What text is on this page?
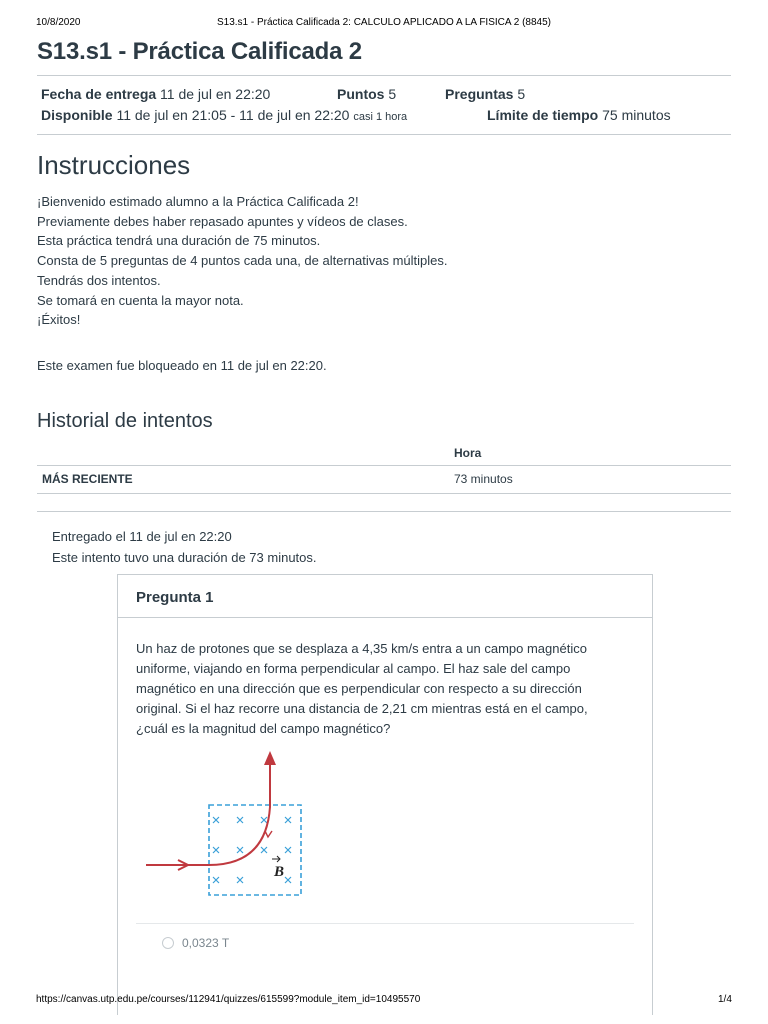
10/8/2020	S13.s1 - Práctica Calificada 2: CALCULO APLICADO A LA FISICA 2 (8845)
S13.s1 - Práctica Calificada 2
Fecha de entrega 11 de jul en 22:20	Puntos 5	Preguntas 5
Disponible 11 de jul en 21:05 - 11 de jul en 22:20 casi 1 hora	Límite de tiempo 75 minutos
Instrucciones
¡Bienvenido estimado alumno a la Práctica Calificada 2!
Previamente debes haber repasado apuntes y vídeos de clases.
Esta práctica tendrá una duración de 75 minutos.
Consta de 5 preguntas de 4 puntos cada una, de alternativas múltiples.
Tendrás dos intentos.
Se tomará en cuenta la mayor nota.
¡Éxitos!
Este examen fue bloqueado en 11 de jul en 22:20.
Historial de intentos
Hora
MÁS RECIENTE	73 minutos
Entregado el 11 de jul en 22:20
Este intento tuvo una duración de 73 minutos.
Pregunta 1
Un haz de protones que se desplaza a 4,35 km/s entra a un campo magnético
uniforme, viajando en forma perpendicular al campo. El haz sale del campo
magnético en una dirección que es perpendicular con respecto a su dirección
original. Si el haz recorre una distancia de 2,21 cm mientras está en el campo,
¿cuál es la magnitud del campo magnético?
B
0,0323 T
https://canvas.utp.edu.pe/courses/112941/quizzes/615599?module_item_id=10495570	1/4
